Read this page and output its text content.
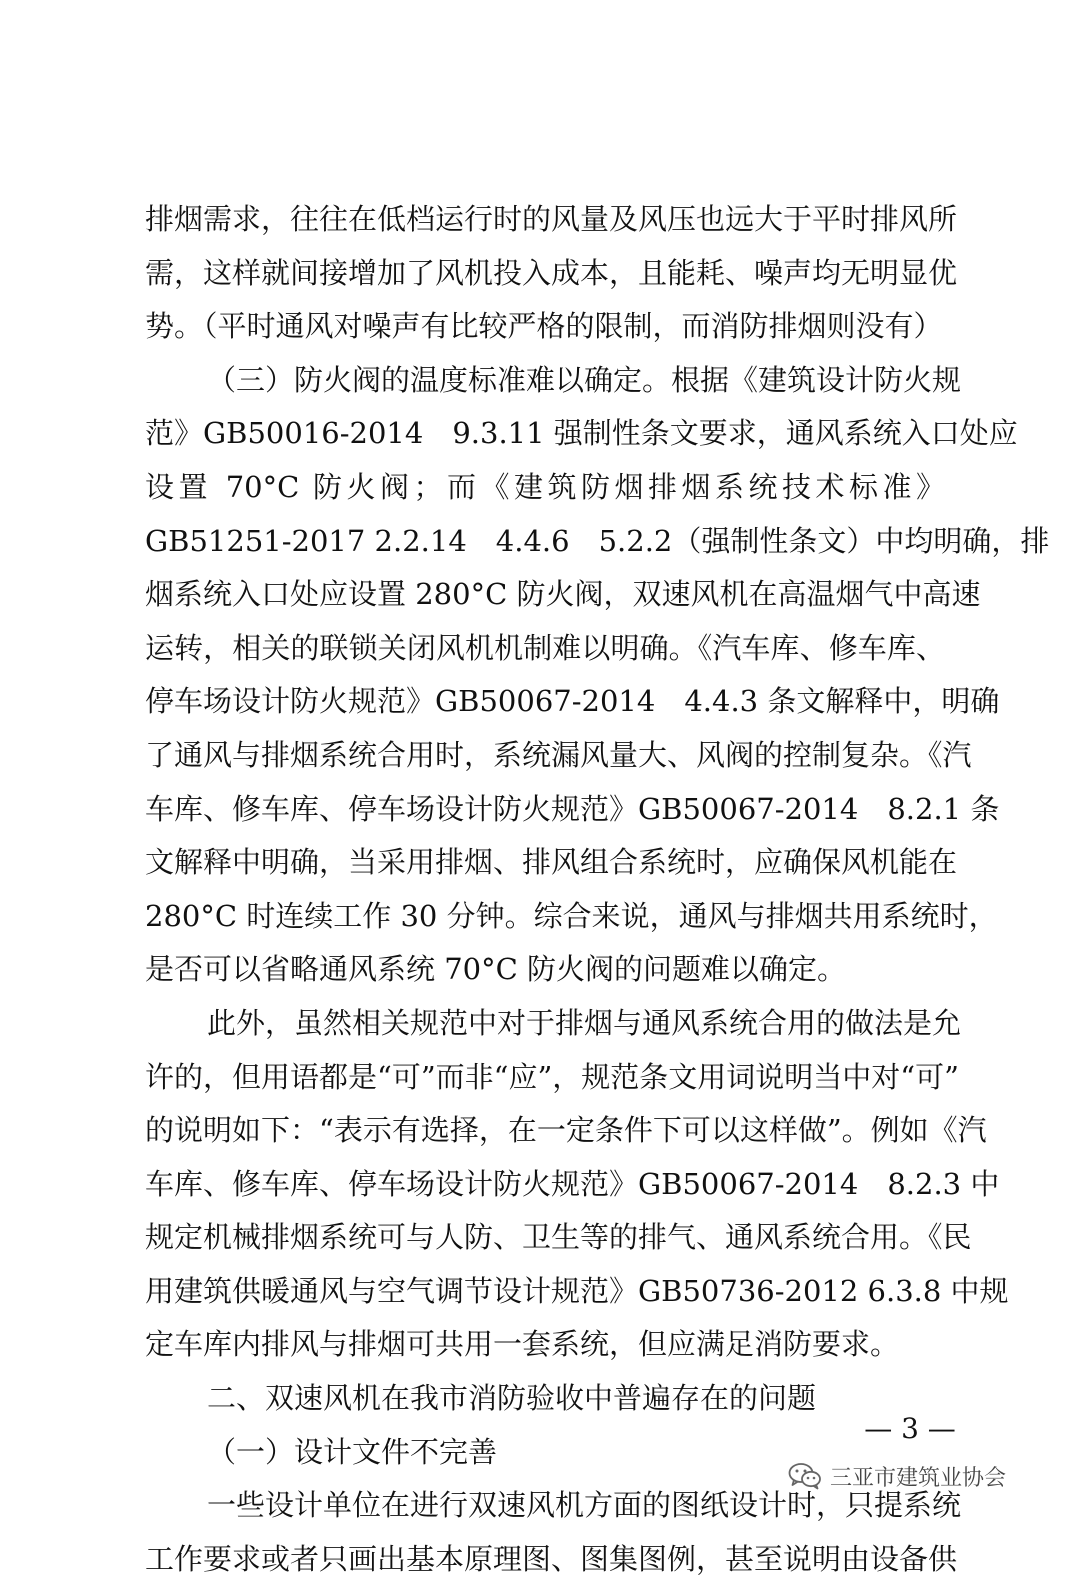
排烟需求，往往在低档运行时的风量及风压也远大于平时排风所
需，这样就间接增加了风机投入成本，且能耗、噪声均无明显优
势。（平时通风对噪声有比较严格的限制，而消防排烟则没有）
（三）防火阀的温度标准难以确定。根据《建筑设计防火规
范》GB50016-2014　9.3.11 强制性条文要求，通风系统入口处应
设置 70°C 防火阀；而《建筑防烟排烟系统技术标准》
GB51251-2017 2.2.14　4.4.6　5.2.2（强制性条文）中均明确，排
烟系统入口处应设置 280°C 防火阀，双速风机在高温烟气中高速
运转，相关的联锁关闭风机机制难以明确。《汽车库、修车库、
停车场设计防火规范》GB50067-2014　4.4.3 条文解释中，明确
了通风与排烟系统合用时，系统漏风量大、风阀的控制复杂。《汽
车库、修车库、停车场设计防火规范》GB50067-2014　8.2.1 条
文解释中明确，当采用排烟、排风组合系统时，应确保风机能在
280°C 时连续工作 30 分钟。综合来说，通风与排烟共用系统时，
是否可以省略通风系统 70°C 防火阀的问题难以确定。
此外，虽然相关规范中对于排烟与通风系统合用的做法是允
许的，但用语都是“可”而非“应”，规范条文用词说明当中对“可”
的说明如下：“表示有选择，在一定条件下可以这样做”。例如《汽
车库、修车库、停车场设计防火规范》GB50067-2014　8.2.3 中
规定机械排烟系统可与人防、卫生等的排气、通风系统合用。《民
用建筑供暖通风与空气调节设计规范》GB50736-2012 6.3.8 中规
定车库内排风与排烟可共用一套系统，但应满足消防要求。
二、双速风机在我市消防验收中普遍存在的问题
（一）设计文件不完善
一些设计单位在进行双速风机方面的图纸设计时，只提系统
工作要求或者只画出基本原理图、图集图例，甚至说明由设备供
— 3 —
三亚市建筑业协会
